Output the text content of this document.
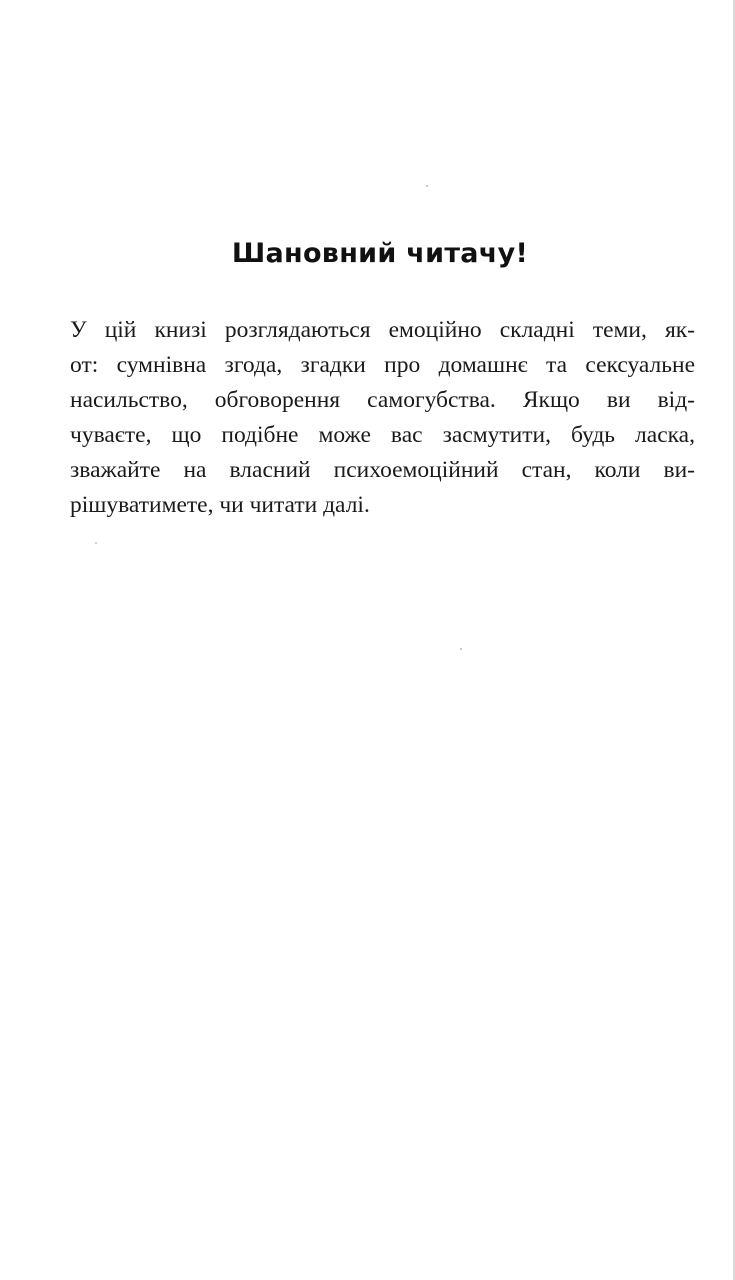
Шановний читачу!
У цій книзі розглядаються емоційно складні теми, як-
от: сумнівна згода, згадки про домашнє та сексуальне
насильство, обговорення самогубства. Якщо ви від-
чуваєте, що подібне може вас засмутити, будь ласка,
зважайте на власний психоемоційний стан, коли ви-
рішуватимете, чи читати далі.
